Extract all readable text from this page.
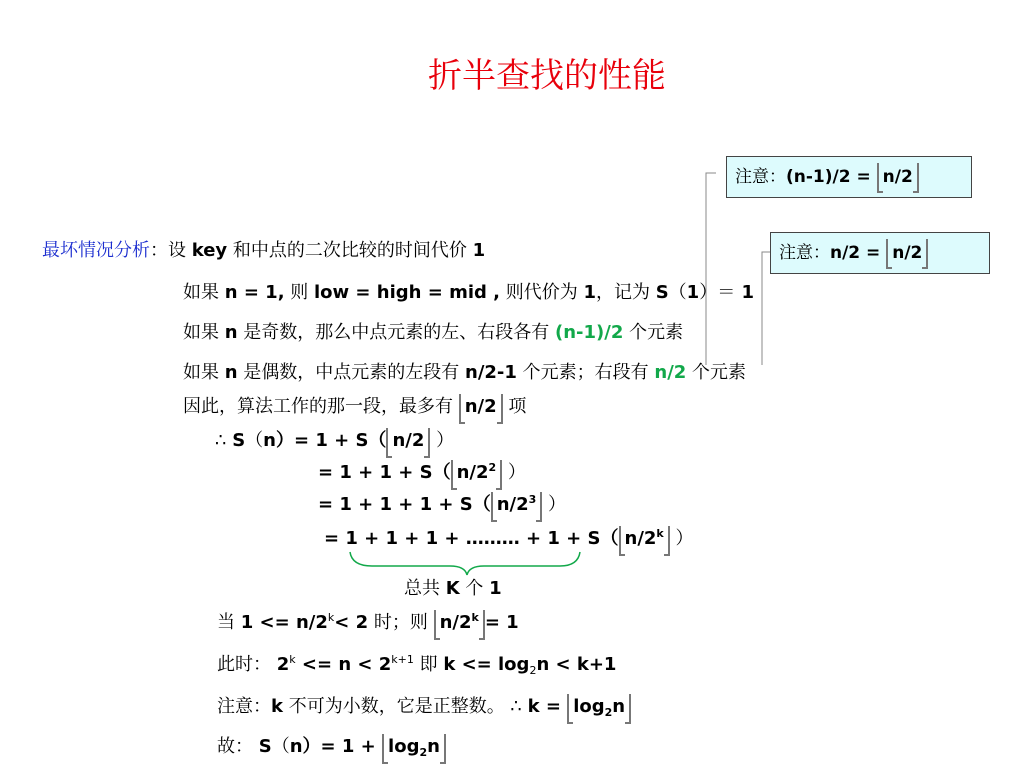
折半查找的性能
注意：(n-1)/2 = n/2
注意：n/2 = n/2
最坏情况分析：设 key 和中点的二次比较的时间代价 1
如果 n = 1, 则 low = high = mid , 则代价为 1，记为 S（1）＝ 1
如果 n 是奇数，那么中点元素的左、右段各有 (n-1)/2 个元素
如果 n 是偶数，中点元素的左段有 n/2-1 个元素；右段有 n/2 个元素
因此，算法工作的那一段，最多有 n/2 项
∴ S（n）= 1 + S（ n/2 ）
= 1 + 1 + S（ $n/2^2$ ）
= 1 + 1 + 1 + S（ $n/2^3$ ）
= 1 + 1 + 1 + ……… + 1 + S（ n/2$^k$ ）
总共 K 个 1
当 $1 <= n/2^k< 2$ 时；则 $n/2^k = 1$
此时： $2^k <= n < 2^{k+1}$ 即 $k <= \log_2n < k+1$
注意：k 不可为小数，它是正整数。 ∴ $k = \log_2n$
故： $S(n)= 1 + \log_2n$
